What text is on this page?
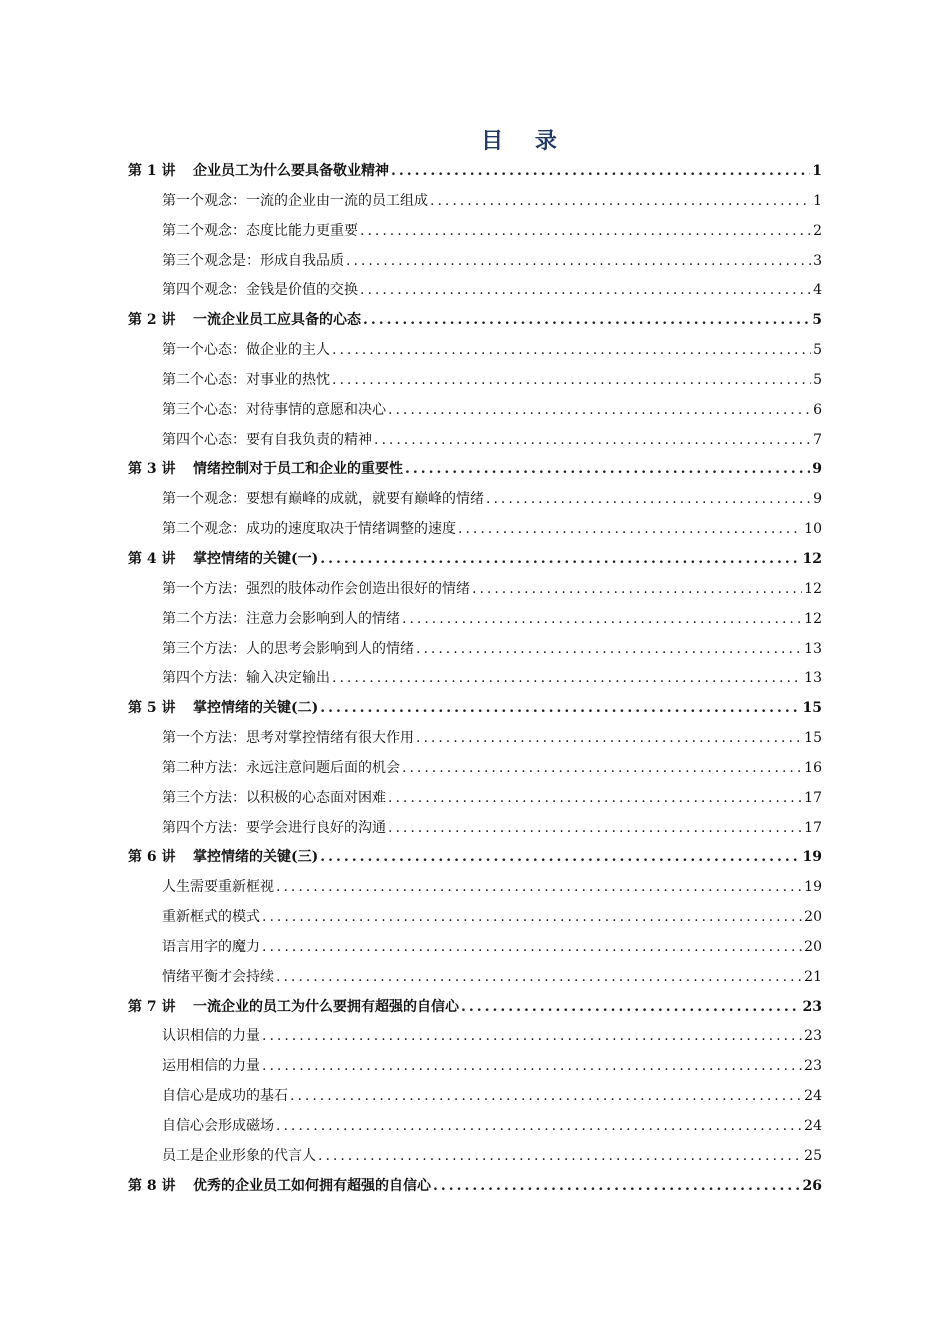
目 录
第 1 讲 企业员工为什么要具备敬业精神 .....	1
第一个观念：一流的企业由一流的员工组成 .....	1
第二个观念：态度比能力更重要 .....	2
第三个观念是：形成自我品质 .....	3
第四个观念：金钱是价值的交换 .....	4
第 2 讲 一流企业员工应具备的心态 .....	5
第一个心态：做企业的主人 .....	5
第二个心态：对事业的热忱 .....	5
第三个心态：对待事情的意愿和决心 .....	6
第四个心态：要有自我负责的精神 .....	7
第 3 讲 情绪控制对于员工和企业的重要性 .....	9
第一个观念：要想有巅峰的成就，就要有巅峰的情绪 .....	9
第二个观念：成功的速度取决于情绪调整的速度 .....	10
第 4 讲 掌控情绪的关键(一) .....	12
第一个方法：强烈的肢体动作会创造出很好的情绪 .....	12
第二个方法：注意力会影响到人的情绪 .....	12
第三个方法：人的思考会影响到人的情绪 .....	13
第四个方法：输入决定输出 .....	13
第 5 讲 掌控情绪的关键(二) .....	15
第一个方法：思考对掌控情绪有很大作用 .....	15
第二种方法：永远注意问题后面的机会 .....	16
第三个方法：以积极的心态面对困难 .....	17
第四个方法：要学会进行良好的沟通 .....	17
第 6 讲 掌控情绪的关键(三) .....	19
人生需要重新框视 .....	19
重新框式的模式 .....	20
语言用字的魔力 .....	20
情绪平衡才会持续 .....	21
第 7 讲 一流企业的员工为什么要拥有超强的自信心 .....	23
认识相信的力量 .....	23
运用相信的力量 .....	23
自信心是成功的基石 .....	24
自信心会形成磁场 .....	24
员工是企业形象的代言人 .....	25
第 8 讲 优秀的企业员工如何拥有超强的自信心 .....	26
